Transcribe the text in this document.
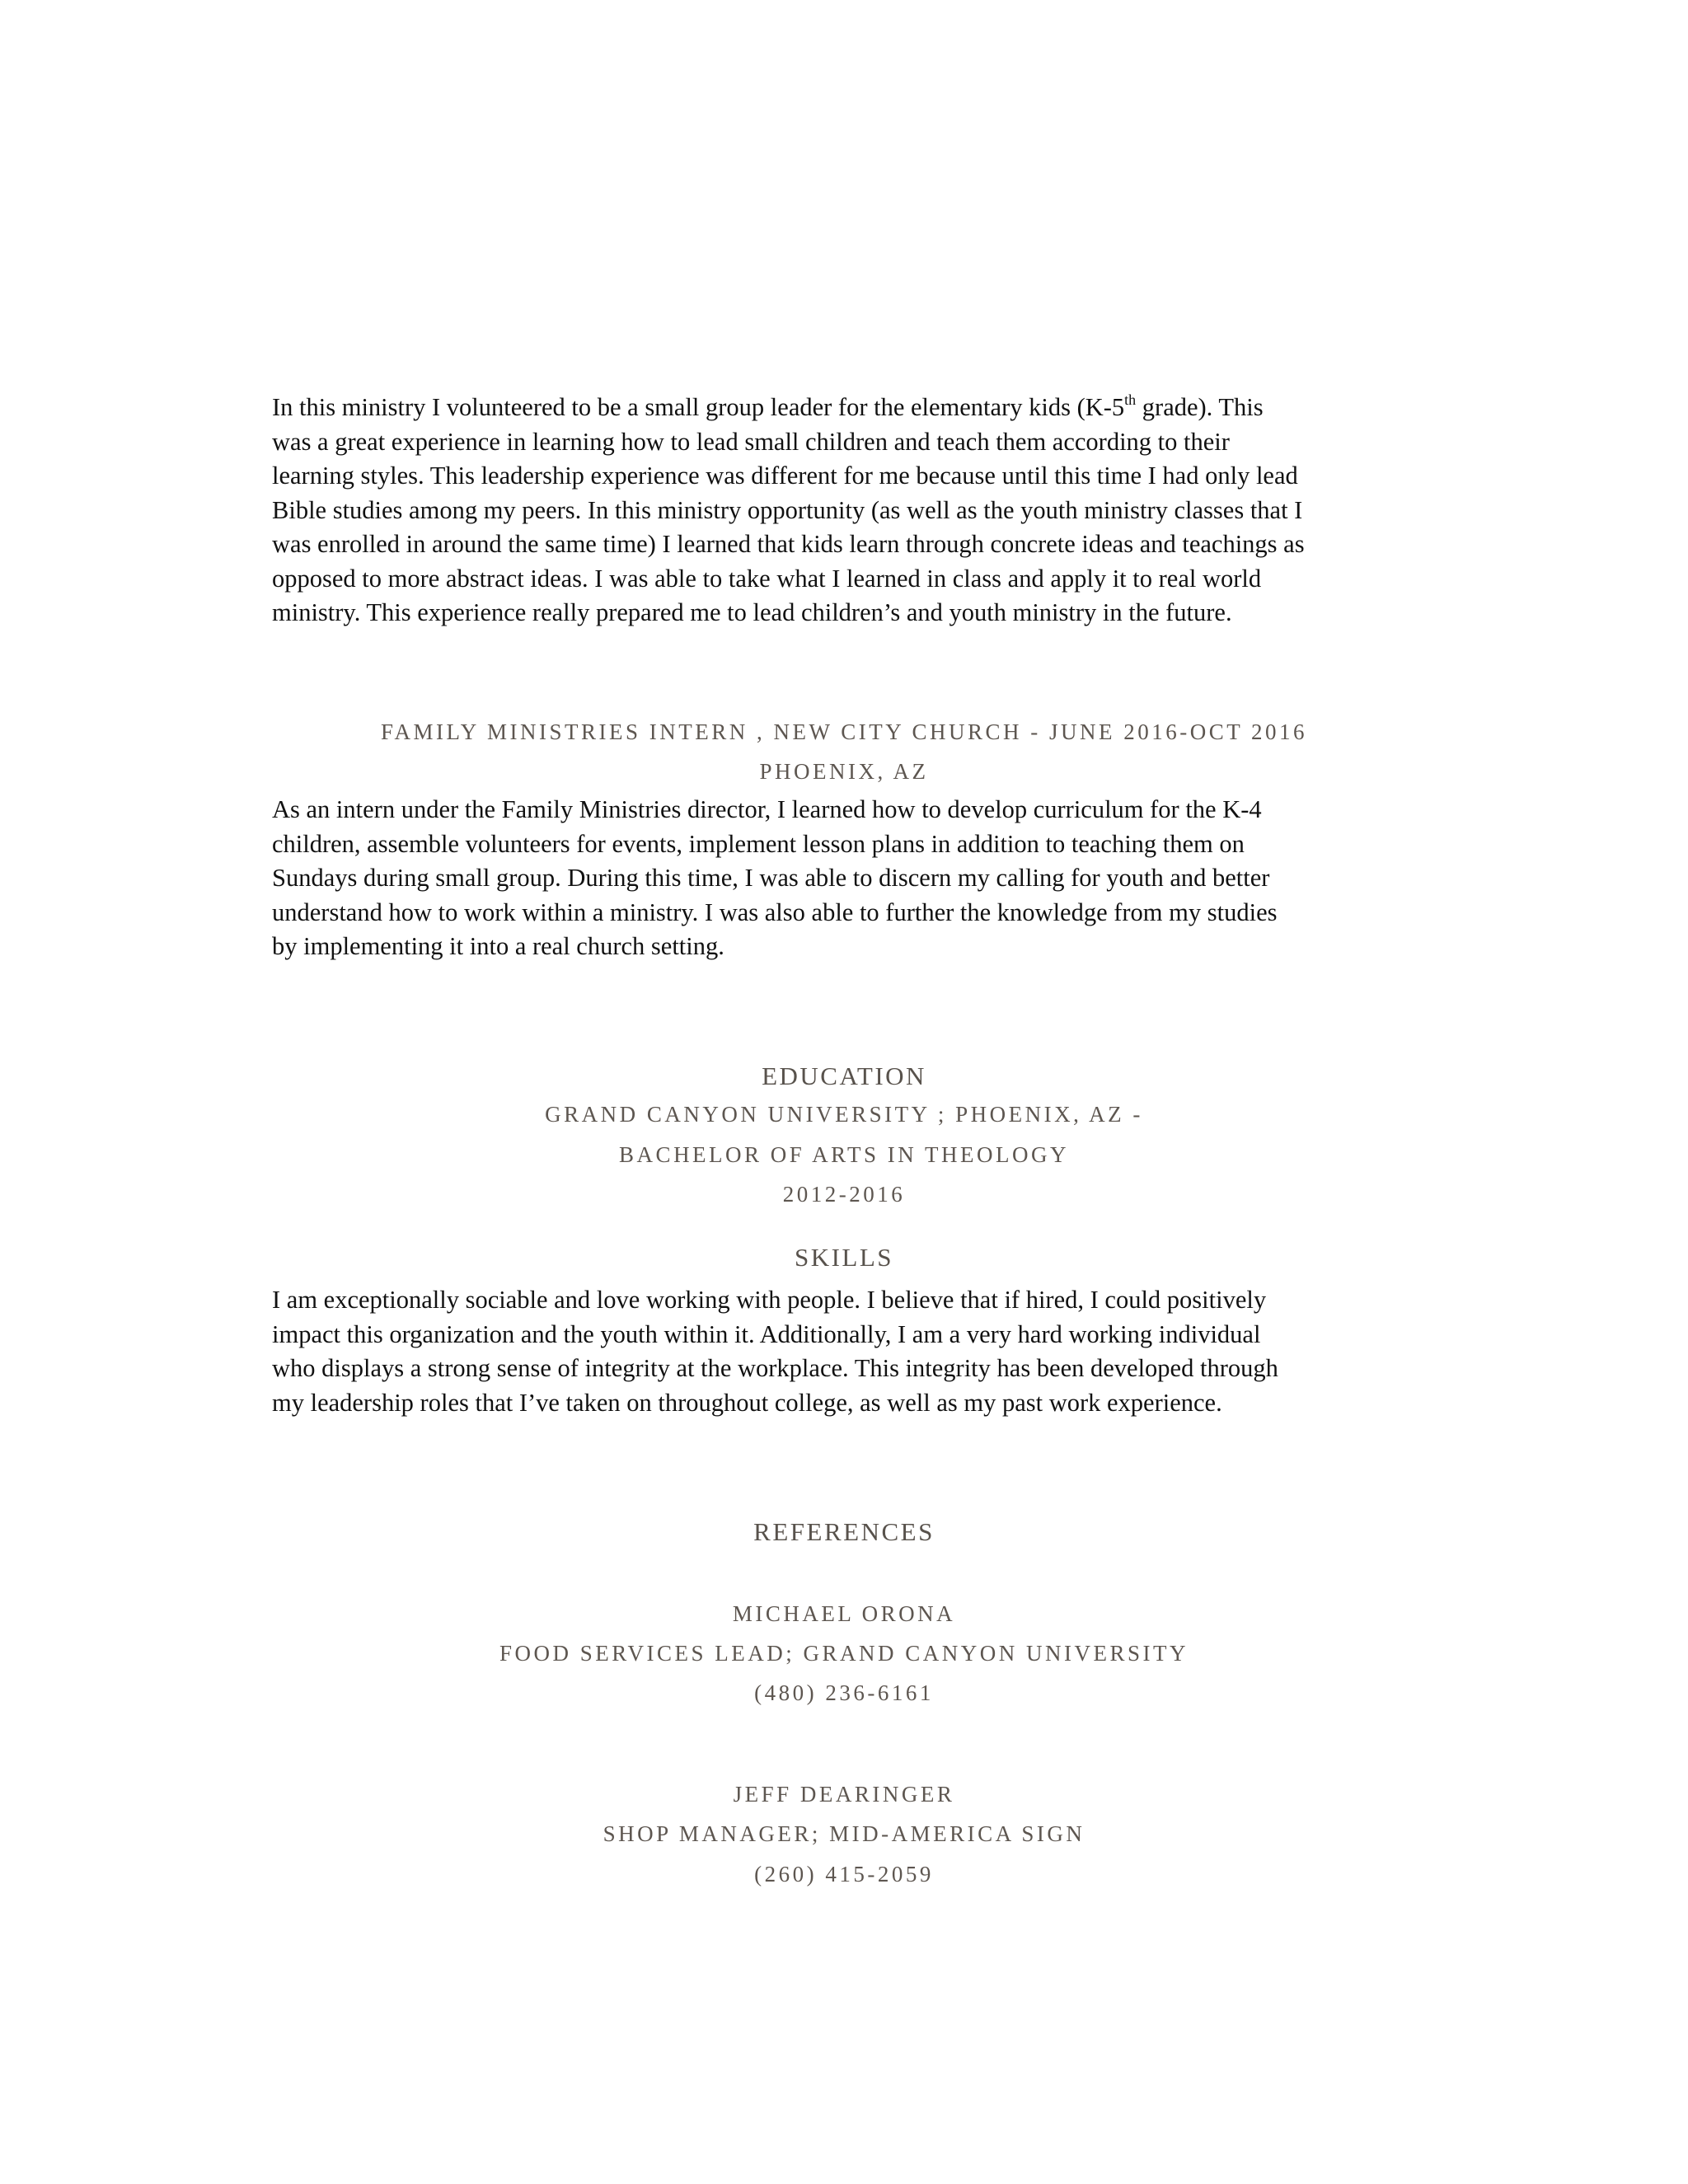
In this ministry I volunteered to be a small group leader for the elementary kids (K-5th grade). This
was a great experience in learning how to lead small children and teach them according to their
learning styles. This leadership experience was different for me because until this time I had only lead
Bible studies among my peers. In this ministry opportunity (as well as the youth ministry classes that I
was enrolled in around the same time) I learned that kids learn through concrete ideas and teachings as
opposed to more abstract ideas. I was able to take what I learned in class and apply it to real world
ministry. This experience really prepared me to lead children’s and youth ministry in the future.

FAMILY MINISTRIES INTERN , NEW CITY CHURCH - JUNE 2016-OCT 2016

PHOENIX, AZ

As an intern under the Family Ministries director, I learned how to develop curriculum for the K-4
children, assemble volunteers for events, implement lesson plans in addition to teaching them on
Sundays during small group. During this time, I was able to discern my calling for youth and better
understand how to work within a ministry. I was also able to further the knowledge from my studies
by implementing it into a real church setting.

EDUCATION

GRAND CANYON UNIVERSITY ; PHOENIX, AZ -

BACHELOR OF ARTS IN THEOLOGY

2012-2016

SKILLS

I am exceptionally sociable and love working with people. I believe that if hired, I could positively
impact this organization and the youth within it. Additionally, I am a very hard working individual
who displays a strong sense of integrity at the workplace. This integrity has been developed through
my leadership roles that I’ve taken on throughout college, as well as my past work experience.

REFERENCES

MICHAEL ORONA

FOOD SERVICES LEAD; GRAND CANYON UNIVERSITY

(480) 236-6161

JEFF DEARINGER

SHOP MANAGER; MID-AMERICA SIGN

(260) 415-2059
